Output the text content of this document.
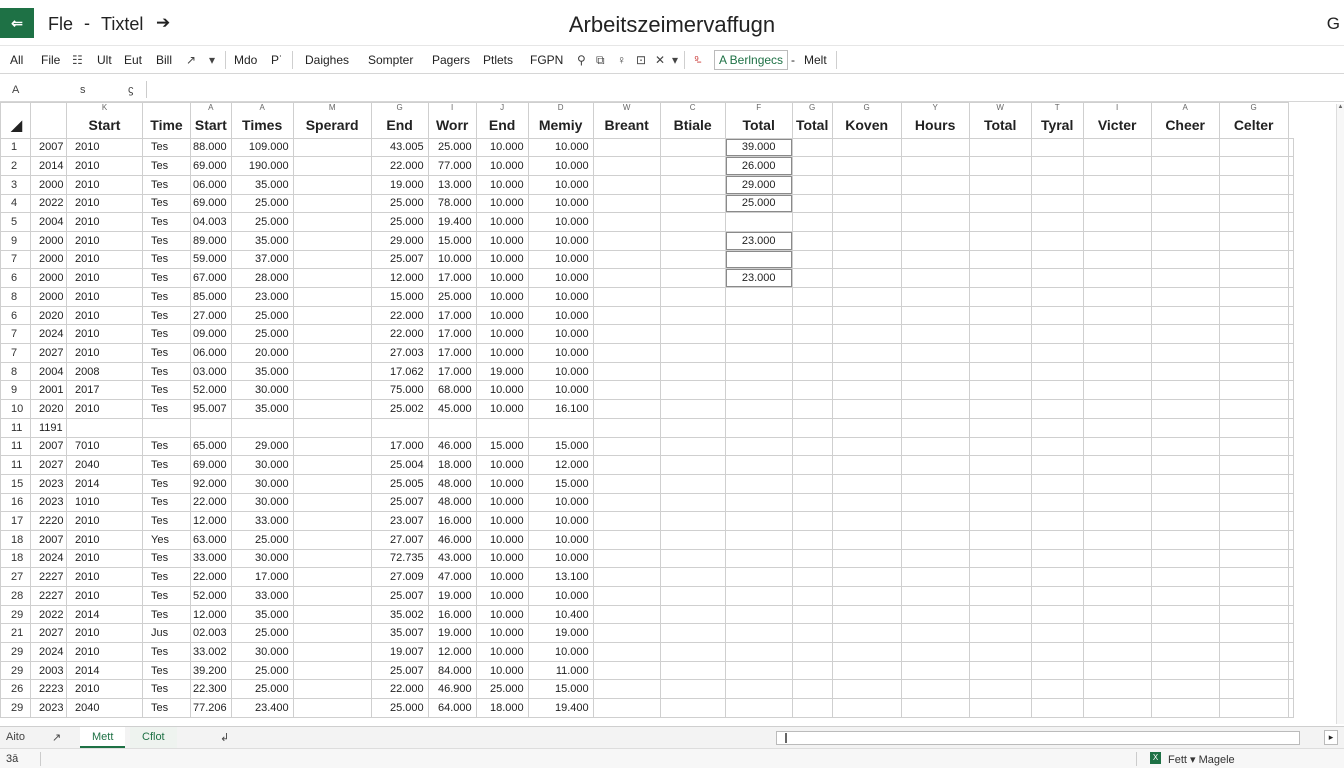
⇐	Fle - Tixtel ➔	Arbeitszeimervaffugn	G
All File ☷ Ult Eut Bill ↗ ▾ Mdo P˙ Daighes Sompter Pagers Ptlets FGPN ⚲ ⧉ ♀ ⊡ ✕ ▾ ⁹̵	Α Berlngecs - Melt
A	s	ϛ
		K		A	A	M	G	I	J	D	W	C	F	G	G	Y	W	T	I	A	G	
◢		Start	Time	Start	Times	Sperard	End	Worr	End	Memiy	Breant	Btiale	Total	Total	Koven	Hours	Total	Tyral	Victer	Cheer	Celter	
1	2007	2010	Tes	88.000	109.000		43.005	25.000	10.000	10.000			39.000									
2	2014	2010	Tes	69.000	190.000		22.000	77.000	10.000	10.000			26.000									
3	2000	2010	Tes	06.000	35.000		19.000	13.000	10.000	10.000			29.000									
4	2022	2010	Tes	69.000	25.000		25.000	78.000	10.000	10.000			25.000									
5	2004	2010	Tes	04.003	25.000		25.000	19.400	10.000	10.000												
9	2000	2010	Tes	89.000	35.000		29.000	15.000	10.000	10.000			23.000									
7	2000	2010	Tes	59.000	37.000		25.007	10.000	10.000	10.000												
6	2000	2010	Tes	67.000	28.000		12.000	17.000	10.000	10.000			23.000									
8	2000	2010	Tes	85.000	23.000		15.000	25.000	10.000	10.000												
6	2020	2010	Tes	27.000	25.000		22.000	17.000	10.000	10.000												
7	2024	2010	Tes	09.000	25.000		22.000	17.000	10.000	10.000												
7	2027	2010	Tes	06.000	20.000		27.003	17.000	10.000	10.000												
8	2004	2008	Tes	03.000	35.000		17.062	17.000	19.000	10.000												
9	2001	2017	Tes	52.000	30.000		75.000	68.000	10.000	10.000												
10	2020	2010	Tes	95.007	35.000		25.002	45.000	10.000	16.100												
11	1191																					
11	2007	7010	Tes	65.000	29.000		17.000	46.000	15.000	15.000												
11	2027	2040	Tes	69.000	30.000		25.004	18.000	10.000	12.000												
15	2023	2014	Tes	92.000	30.000		25.005	48.000	10.000	15.000												
16	2023	1010	Tes	22.000	30.000		25.007	48.000	10.000	10.000												
17	2220	2010	Tes	12.000	33.000		23.007	16.000	10.000	10.000												
18	2007	2010	Yes	63.000	25.000		27.007	46.000	10.000	10.000												
18	2024	2010	Tes	33.000	30.000		72.735	43.000	10.000	10.000												
27	2227	2010	Tes	22.000	17.000		27.009	47.000	10.000	13.100												
28	2227	2010	Tes	52.000	33.000		25.007	19.000	10.000	10.000												
29	2022	2014	Tes	12.000	35.000		35.002	16.000	10.000	10.400												
21	2027	2010	Jus	02.003	25.000		35.007	19.000	10.000	19.000												
29	2024	2010	Tes	33.002	30.000		19.007	12.000	10.000	10.000												
29	2003	2014	Tes	39.200	25.000		25.007	84.000	10.000	11.000												
26	2223	2010	Tes	22.300	25.000		22.000	46.900	25.000	15.000												
29	2023	2040	Tes	77.206	23.400		25.000	64.000	18.000	19.400												
▲
Aito ↗	Mett	Cflot	↲	▸
3ā	X Fett ▾ Magele
